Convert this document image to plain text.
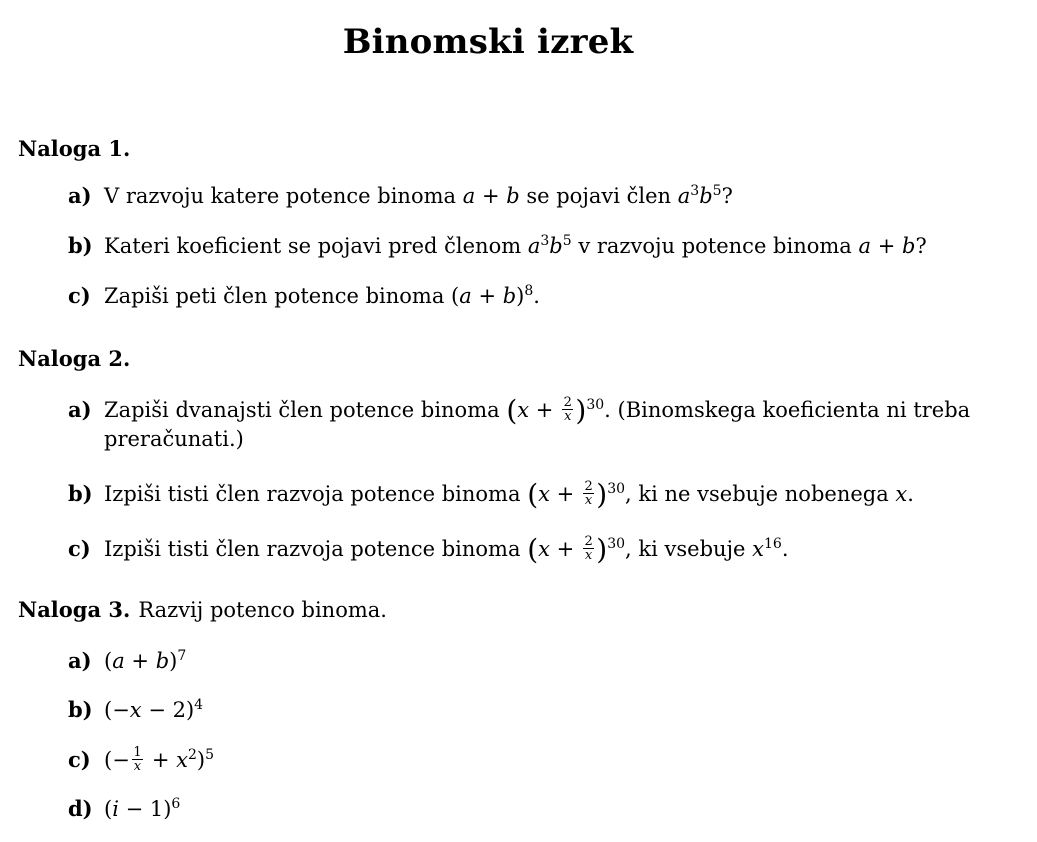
Binomski izrek
Naloga 1.
a) V razvoju katere potence binoma a + b se pojavi člen $a^3b^5$?
b) Kateri koeficient se pojavi pred členom $a^3b^5$ v razvoju potence binoma a + b?
c) Zapiši peti člen potence binoma $(a + b)^8$.
Naloga 2.
a) Zapiši dvanajsti člen potence binoma $(x + \frac{2}{x} )^{30}$. (Binomskega koeficienta ni treba
preračunati.)
b) Izpiši tisti člen razvoja potence binoma $(x + \frac{2}{x} )^{30}$, ki ne vsebuje nobenega x.
c) Izpiši tisti člen razvoja potence binoma $(x + \frac{2}{x} )^{30}$, ki vsebuje $x^{16}$.
Naloga 3. Razvij potenco binoma.
a) $(a + b)^7$
b) $(-x - 2)^4$
c) (− $\frac{1}{x} + x^2)^5$
d) $(i - 1)^6$
